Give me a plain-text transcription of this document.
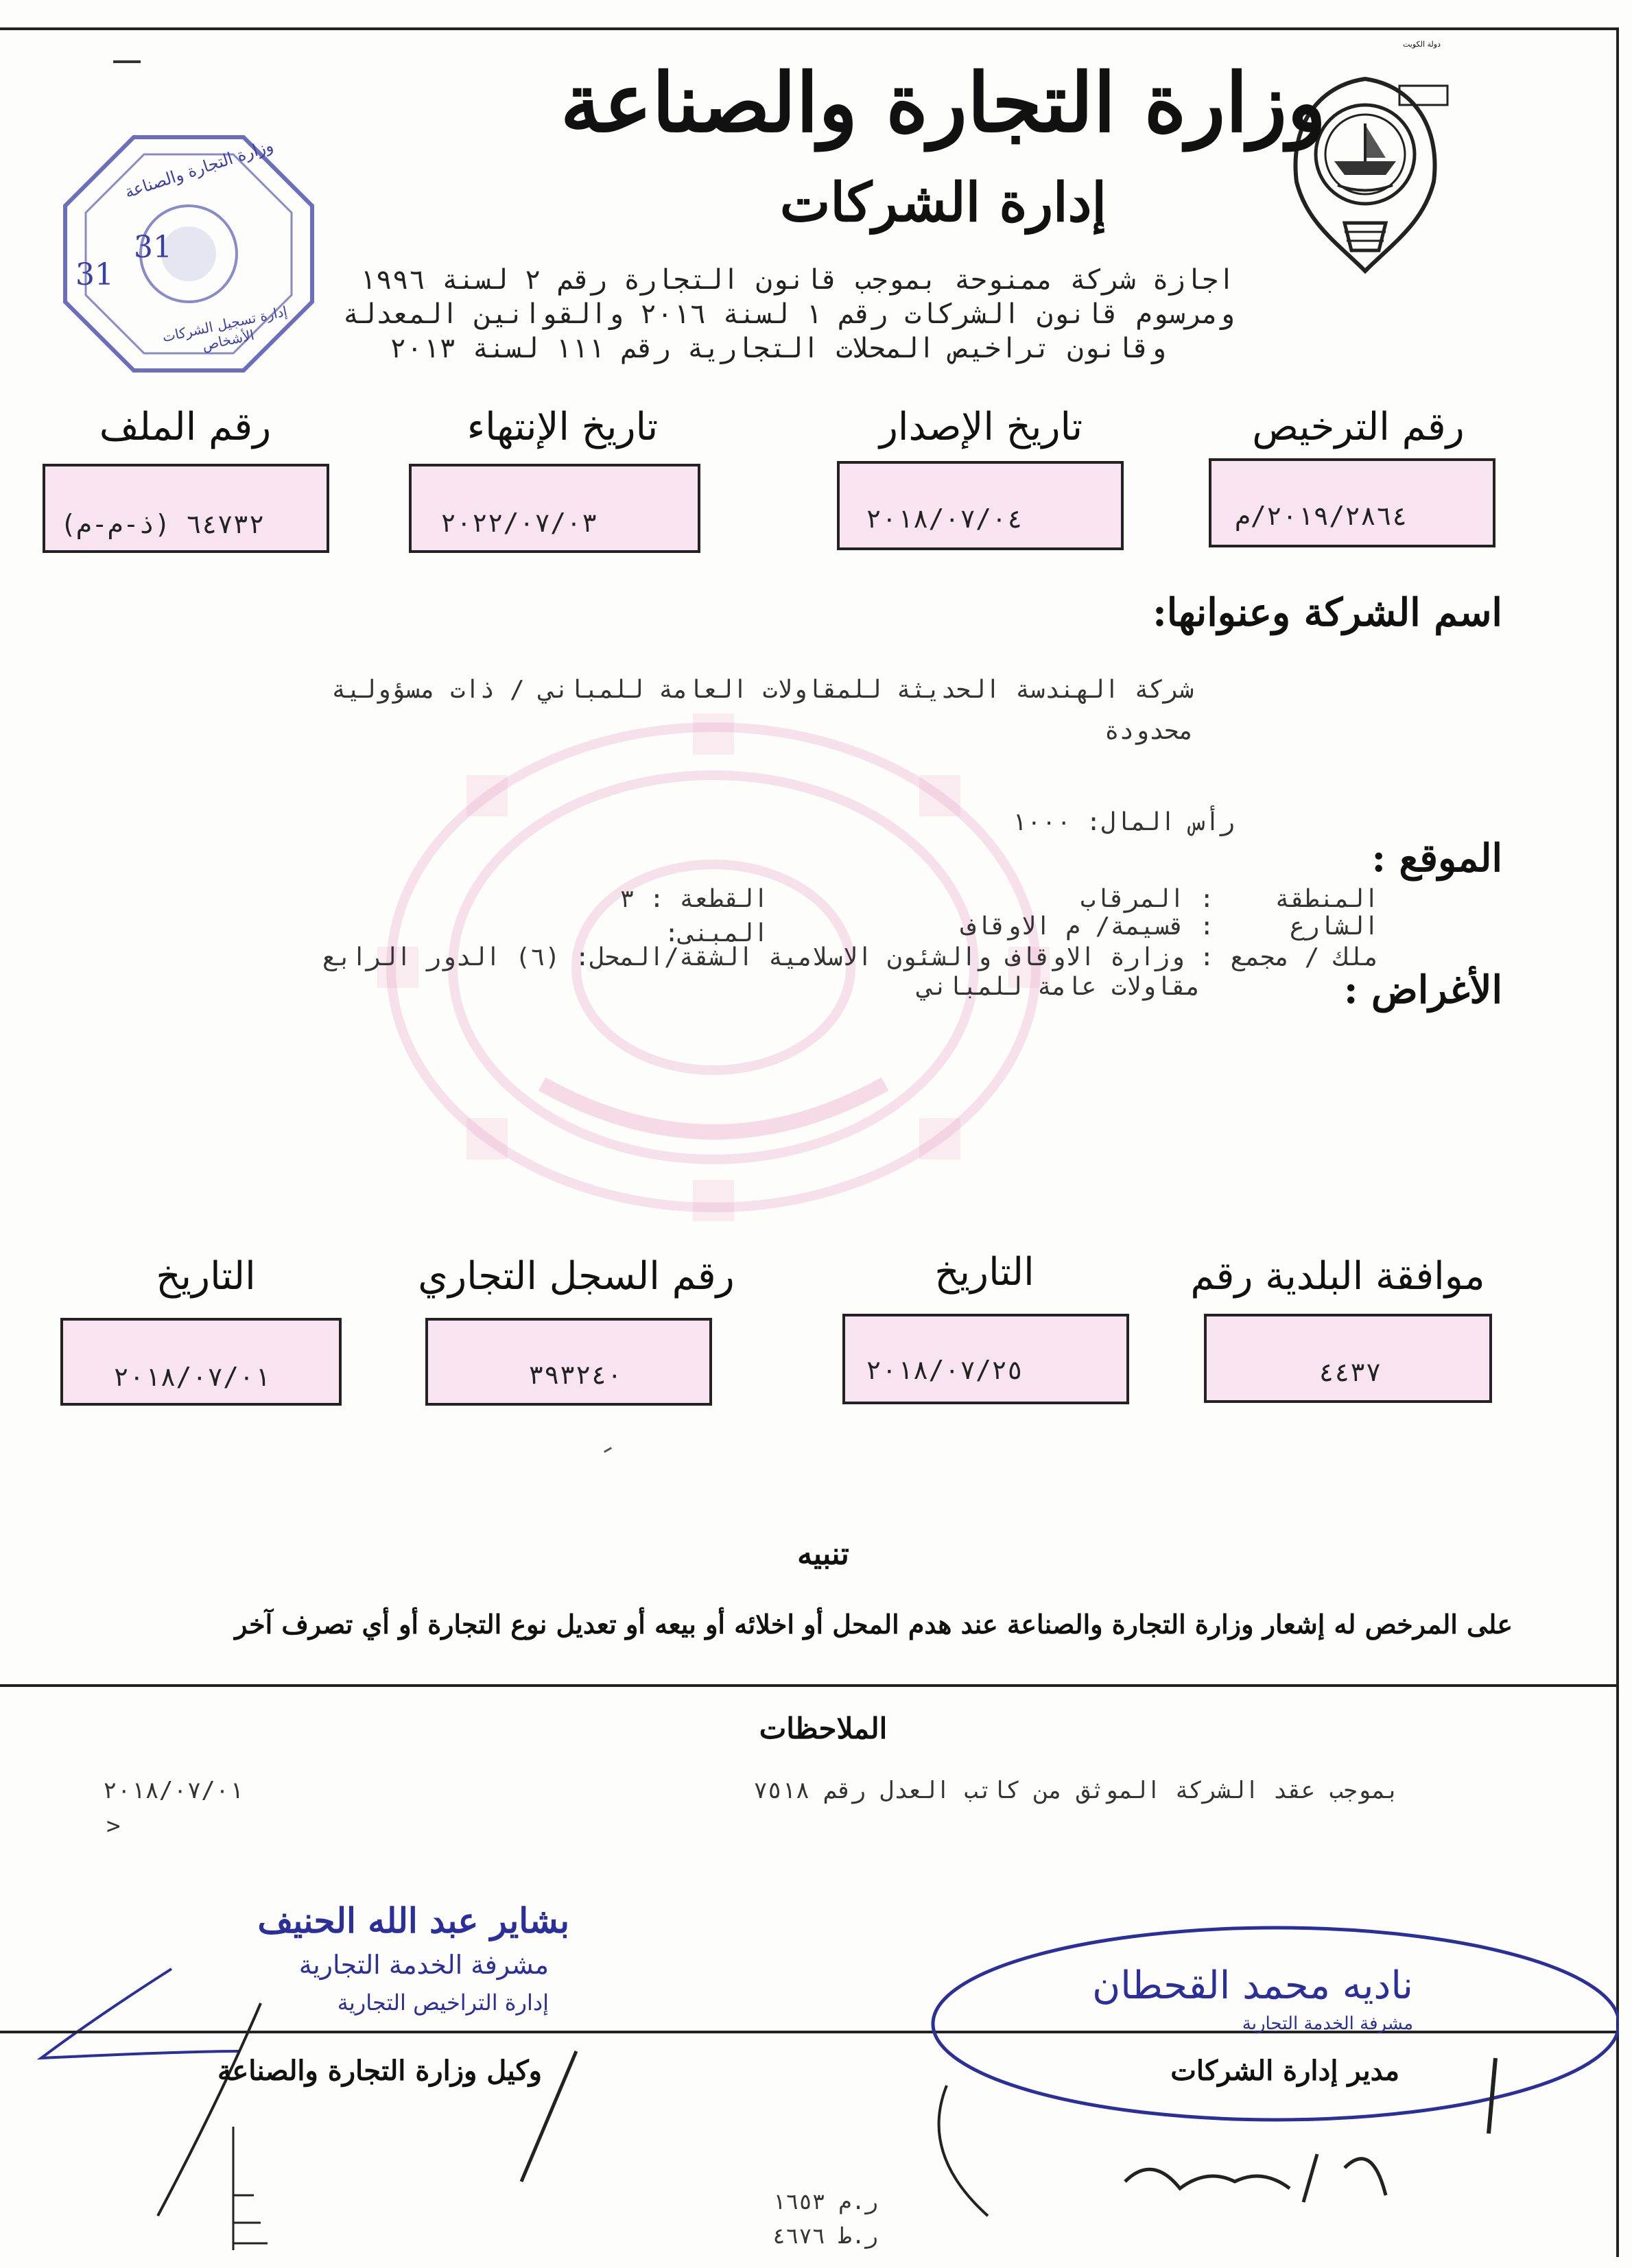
دولة الكويت
31
31
وزارة التجارة والصناعة
إدارة تسجيل الشركات الأشخاص
وزارة التجارة والصناعة
إدارة الشركات
اجازة شركة ممنوحة بموجب قانون التجارة رقم ٢ لسنة ١٩٩٦
ومرسوم قانون الشركات رقم ١ لسنة ٢٠١٦ والقوانين المعدلة
وقانون تراخيص المحلات التجارية رقم ١١١ لسنة ٢٠١٣
رقم الترخيص
تاريخ الإصدار
تاريخ الإنتهاء
رقم الملف
٢٠١٩/٢٨٦٤/م
٢٠١٨/٠٧/٠٤
٢٠٢٢/٠٧/٠٣
٦٤٧٣٢ (ذ-م-م)
اسم الشركة وعنوانها:
شركة الهندسة الحديثة للمقاولات العامة للمباني / ذات مسؤولية
محدودة
رأس المال: ١٠٠٠
الموقع :
المنطقة
: المرقاب
القطعة : ٣
الشارع
: قسيمة/ م الاوقاف
المبنى:
ملك / مجمع
: وزارة الاوقاف والشئون الاسلامية الشقة/المحل: (٦) الدور الرابع
الأغراض :
مقاولات عامة للمباني
موافقة البلدية رقم
التاريخ
رقم السجل التجاري
التاريخ
٤٤٣٧
٢٠١٨/٠٧/٢٥
٣٩٣٢٤٠
٢٠١٨/٠٧/٠١
تنبيه
على المرخص له إشعار وزارة التجارة والصناعة عند هدم المحل أو اخلائه أو بيعه أو تعديل نوع التجارة أو أي تصرف آخر
الملاحظات
بموجب عقد الشركة الموثق من كاتب العدل رقم ٧٥١٨
٢٠١٨/٠٧/٠١
>
بشاير عبد الله الحنيف
مشرفة الخدمة التجارية
إدارة التراخيص التجارية
وكيل وزارة التجارة والصناعة
ناديه محمد القحطان
مشرفة الخدمة التجارية
مدير إدارة الشركات
ر.م ١٦٥٣
ر.ط ٤٦٧٦
